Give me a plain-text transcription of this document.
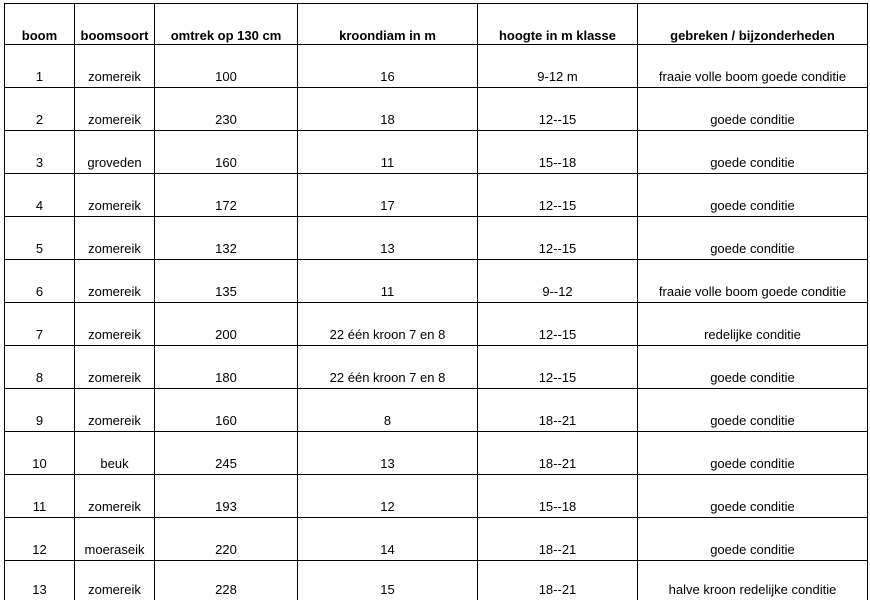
boom	boomsoort	omtrek op 130 cm	kroondiam in m	hoogte in m klasse	gebreken / bijzonderheden
1	zomereik	100	16	9-12 m	fraaie volle boom goede conditie
2	zomereik	230	18	12--15	goede conditie
3	groveden	160	11	15--18	goede conditie
4	zomereik	172	17	12--15	goede conditie
5	zomereik	132	13	12--15	goede conditie
6	zomereik	135	11	9--12	fraaie volle boom goede conditie
7	zomereik	200	22 één kroon 7 en 8	12--15	redelijke conditie
8	zomereik	180	22 één kroon 7 en 8	12--15	goede conditie
9	zomereik	160	8	18--21	goede conditie
10	beuk	245	13	18--21	goede conditie
11	zomereik	193	12	15--18	goede conditie
12	moeraseik	220	14	18--21	goede conditie
13	zomereik	228	15	18--21	halve kroon redelijke conditie
